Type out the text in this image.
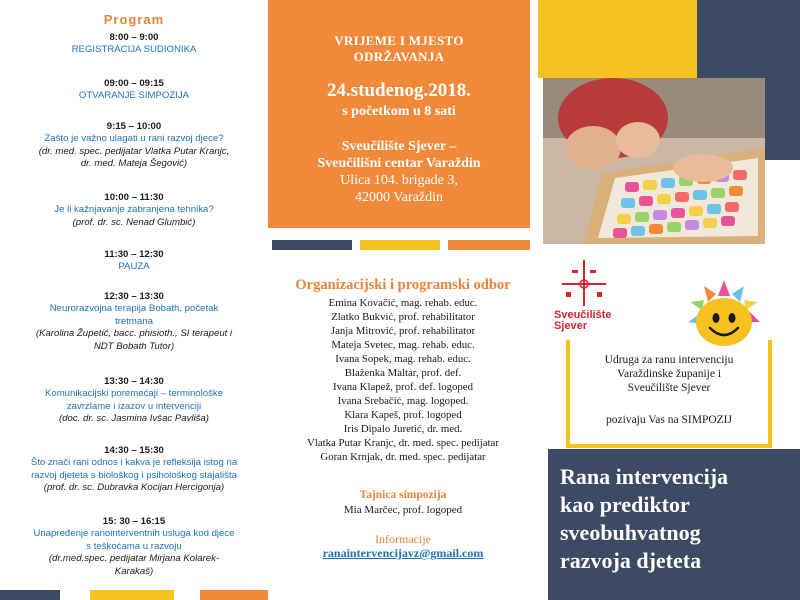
Program
8:00 – 9:00
REGISTRACIJA SUDIONIKA
09:00 – 09:15
OTVARANJE SIMPOZIJA
9:15 – 10:00
Zašto je važno ulagati u rani razvoj djece?
(dr. med. spec. pedijatar Vlatka Putar Kranjc,
dr. med. Mateja Šegović)
10:00 – 11:30
Je li kažnjavanje zabranjena tehnika?
(prof. dr. sc. Nenad Glumbić)
11:30 – 12:30
PAUZA
12:30 – 13:30
Neurorazvojna terapija Bobath, početak
tretmana
(Karolina Župetić, bacc. phisioth., SI terapeut i
NDT Bobath Tutor)
13:30 – 14:30
Komunikacijski poremećaji – terminološke
zavrzlame i izazov u intervenciji
(doc. dr. sc. Jasmina Ivšac Pavliša)
14:30 – 15:30
Što znači rani odnos i kakva je refleksija istog na
razvoj djeteta s biološkog i psihološkog stajališta
(prof. dr. sc. Dubravka Kocijan Hercigonja)
15: 30 – 16:15
Unapređenje ranointerventnih usluga kod djece
s teškoćama u razvoju
(dr.med.spec. pedijatar Mirjana Kolarek-
Karakaš)
VRIJEME I MJESTO
ODRŽAVANJA
24.studenog.2018.
s početkom u 8 sati
Sveučilište Sjever –
Sveučilišni centar Varaždin
Ulica 104. brigade 3,
42000 Varaždin
Organizacijski i programski odbor
Emina Kovačić, mag. rehab. educ.
Zlatko Bukvić, prof. rehabilitator
Janja Mitrović, prof. rehabilitator
Mateja Svetec, mag. rehab. educ.
Ivana Sopek, mag. rehab. educ.
Blaženka Maltar, prof. def.
Ivana Klapež, prof. def. logoped
Ivana Srebačić, mag. logoped.
Klara Kapeš, prof. logoped
Iris Dipalo Juretić, dr. med.
Vlatka Putar Kranjc, dr. med. spec. pedijatar
Goran Krnjak, dr. med. spec. pedijatar
Tajnica simpozija
Mia Marčec, prof. logoped
Informacije
ranaintervencijavz@gmail.com
Sveučilište
Sjever
Udruga za ranu intervenciju
Varaždinske županije i
Sveučilište Sjever
pozivaju Vas na SIMPOZIJ
Rana intervencija
kao prediktor
sveobuhvatnog
razvoja djeteta
